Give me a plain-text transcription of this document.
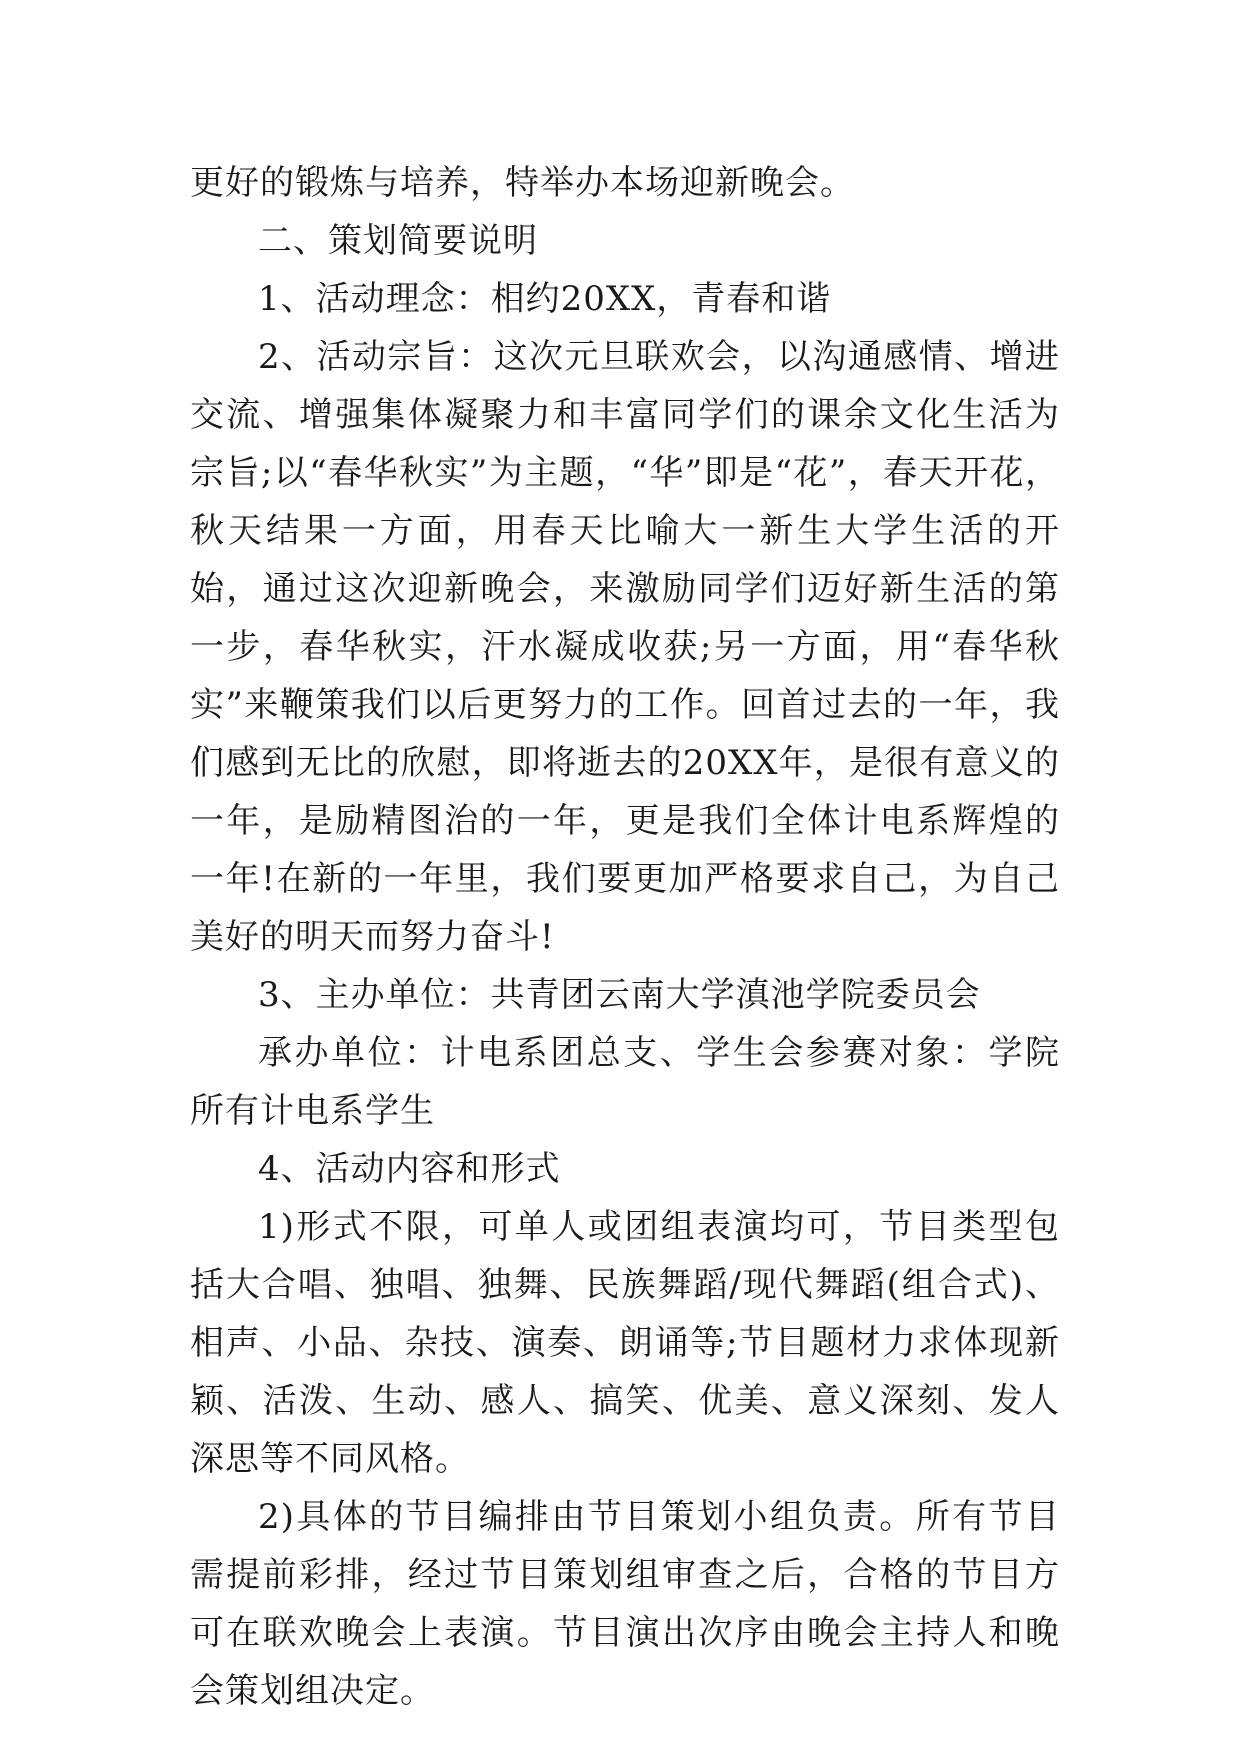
更好的锻炼与培养，特举办本场迎新晚会。

二、策划简要说明

1、活动理念：相约20XX，青春和谐

2、活动宗旨：这次元旦联欢会，以沟通感情、增进交流、增强集体凝聚力和丰富同学们的课余文化生活为宗旨;以“春华秋实”为主题，“华”即是“花”，春天开花，秋天结果一方面，用春天比喻大一新生大学生活的开始，通过这次迎新晚会，来激励同学们迈好新生活的第一步，春华秋实，汗水凝成收获;另一方面，用“春华秋实”来鞭策我们以后更努力的工作。回首过去的一年，我们感到无比的欣慰，即将逝去的20XX年，是很有意义的一年，是励精图治的一年，更是我们全体计电系辉煌的一年!在新的一年里，我们要更加严格要求自己，为自己美好的明天而努力奋斗!

3、主办单位：共青团云南大学滇池学院委员会

承办单位：计电系团总支、学生会参赛对象：学院所有计电系学生

4、活动内容和形式

1)形式不限，可单人或团组表演均可，节目类型包括大合唱、独唱、独舞、民族舞蹈/现代舞蹈(组合式)、相声、小品、杂技、演奏、朗诵等;节目题材力求体现新颖、活泼、生动、感人、搞笑、优美、意义深刻、发人深思等不同风格。

2)具体的节目编排由节目策划小组负责。所有节目需提前彩排，经过节目策划组审查之后，合格的节目方可在联欢晚会上表演。节目演出次序由晚会主持人和晚会策划组决定。
